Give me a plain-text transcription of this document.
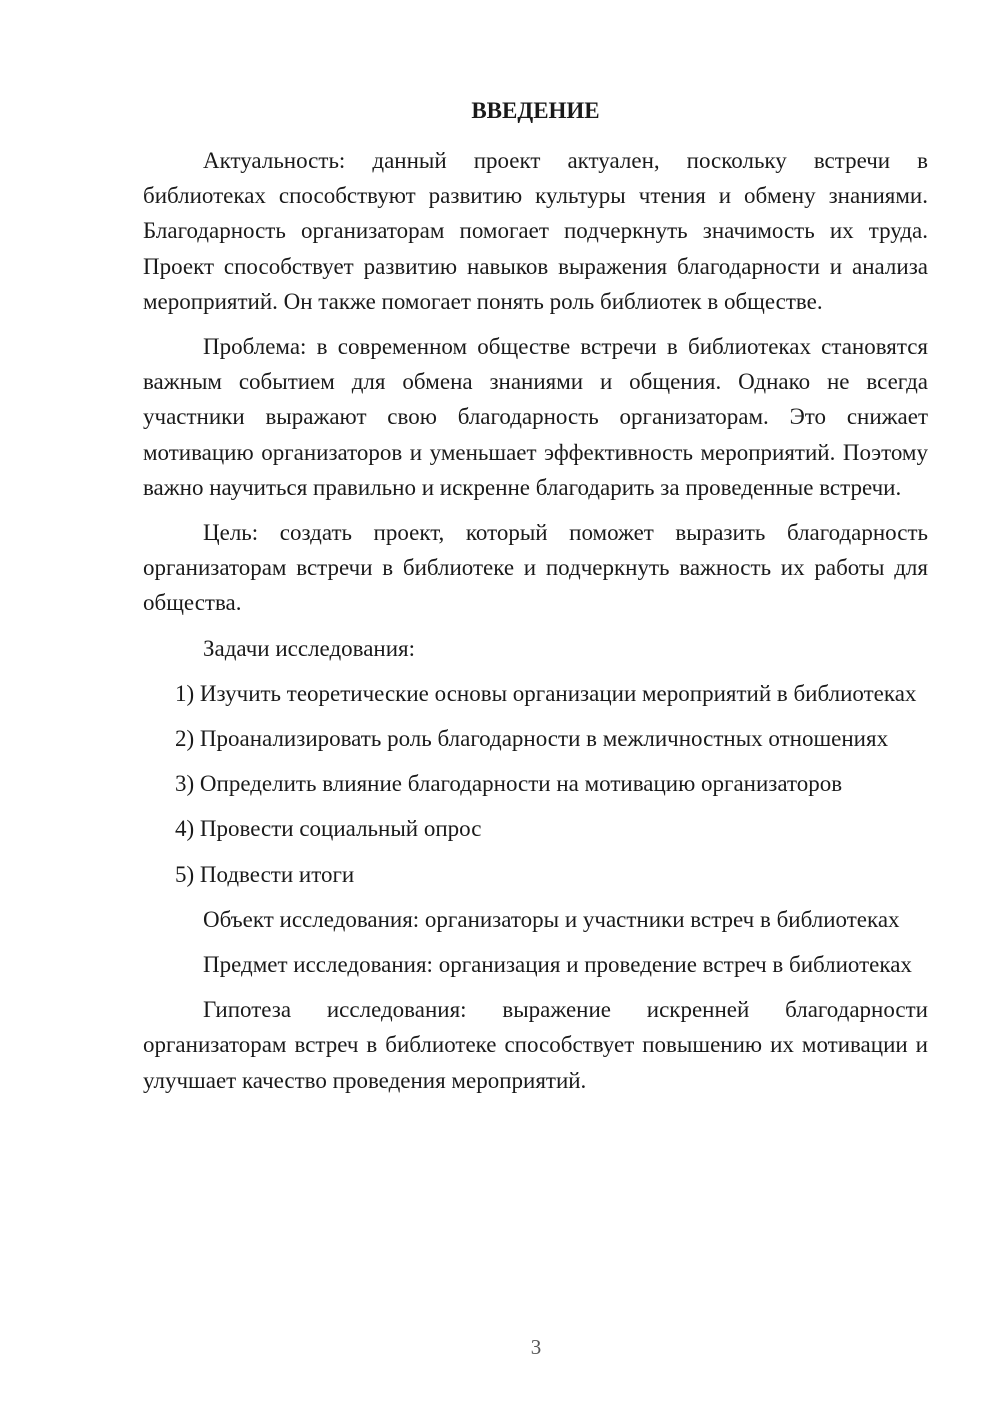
ВВЕДЕНИЕ

Актуальность: данный проект актуален, поскольку встречи в библиотеках способствуют развитию культуры чтения и обмену знаниями. Благодарность организаторам помогает подчеркнуть значимость их труда. Проект способствует развитию навыков выражения благодарности и анализа мероприятий. Он также помогает понять роль библиотек в обществе.

Проблема: в современном обществе встречи в библиотеках становятся важным событием для обмена знаниями и общения. Однако не всегда участники выражают свою благодарность организаторам. Это снижает мотивацию организаторов и уменьшает эффективность мероприятий. Поэтому важно научиться правильно и искренне благодарить за проведенные встречи.

Цель: создать проект, который поможет выразить благодарность организаторам встречи в библиотеке и подчеркнуть важность их работы для общества.

Задачи исследования:

1) Изучить теоретические основы организации мероприятий в библиотеках

2) Проанализировать роль благодарности в межличностных отношениях

3) Определить влияние благодарности на мотивацию организаторов

4) Провести социальный опрос

5) Подвести итоги

Объект исследования: организаторы и участники встреч в библиотеках

Предмет исследования: организация и проведение встреч в библиотеках

Гипотеза исследования: выражение искренней благодарности организаторам встреч в библиотеке способствует повышению их мотивации и улучшает качество проведения мероприятий.

3
